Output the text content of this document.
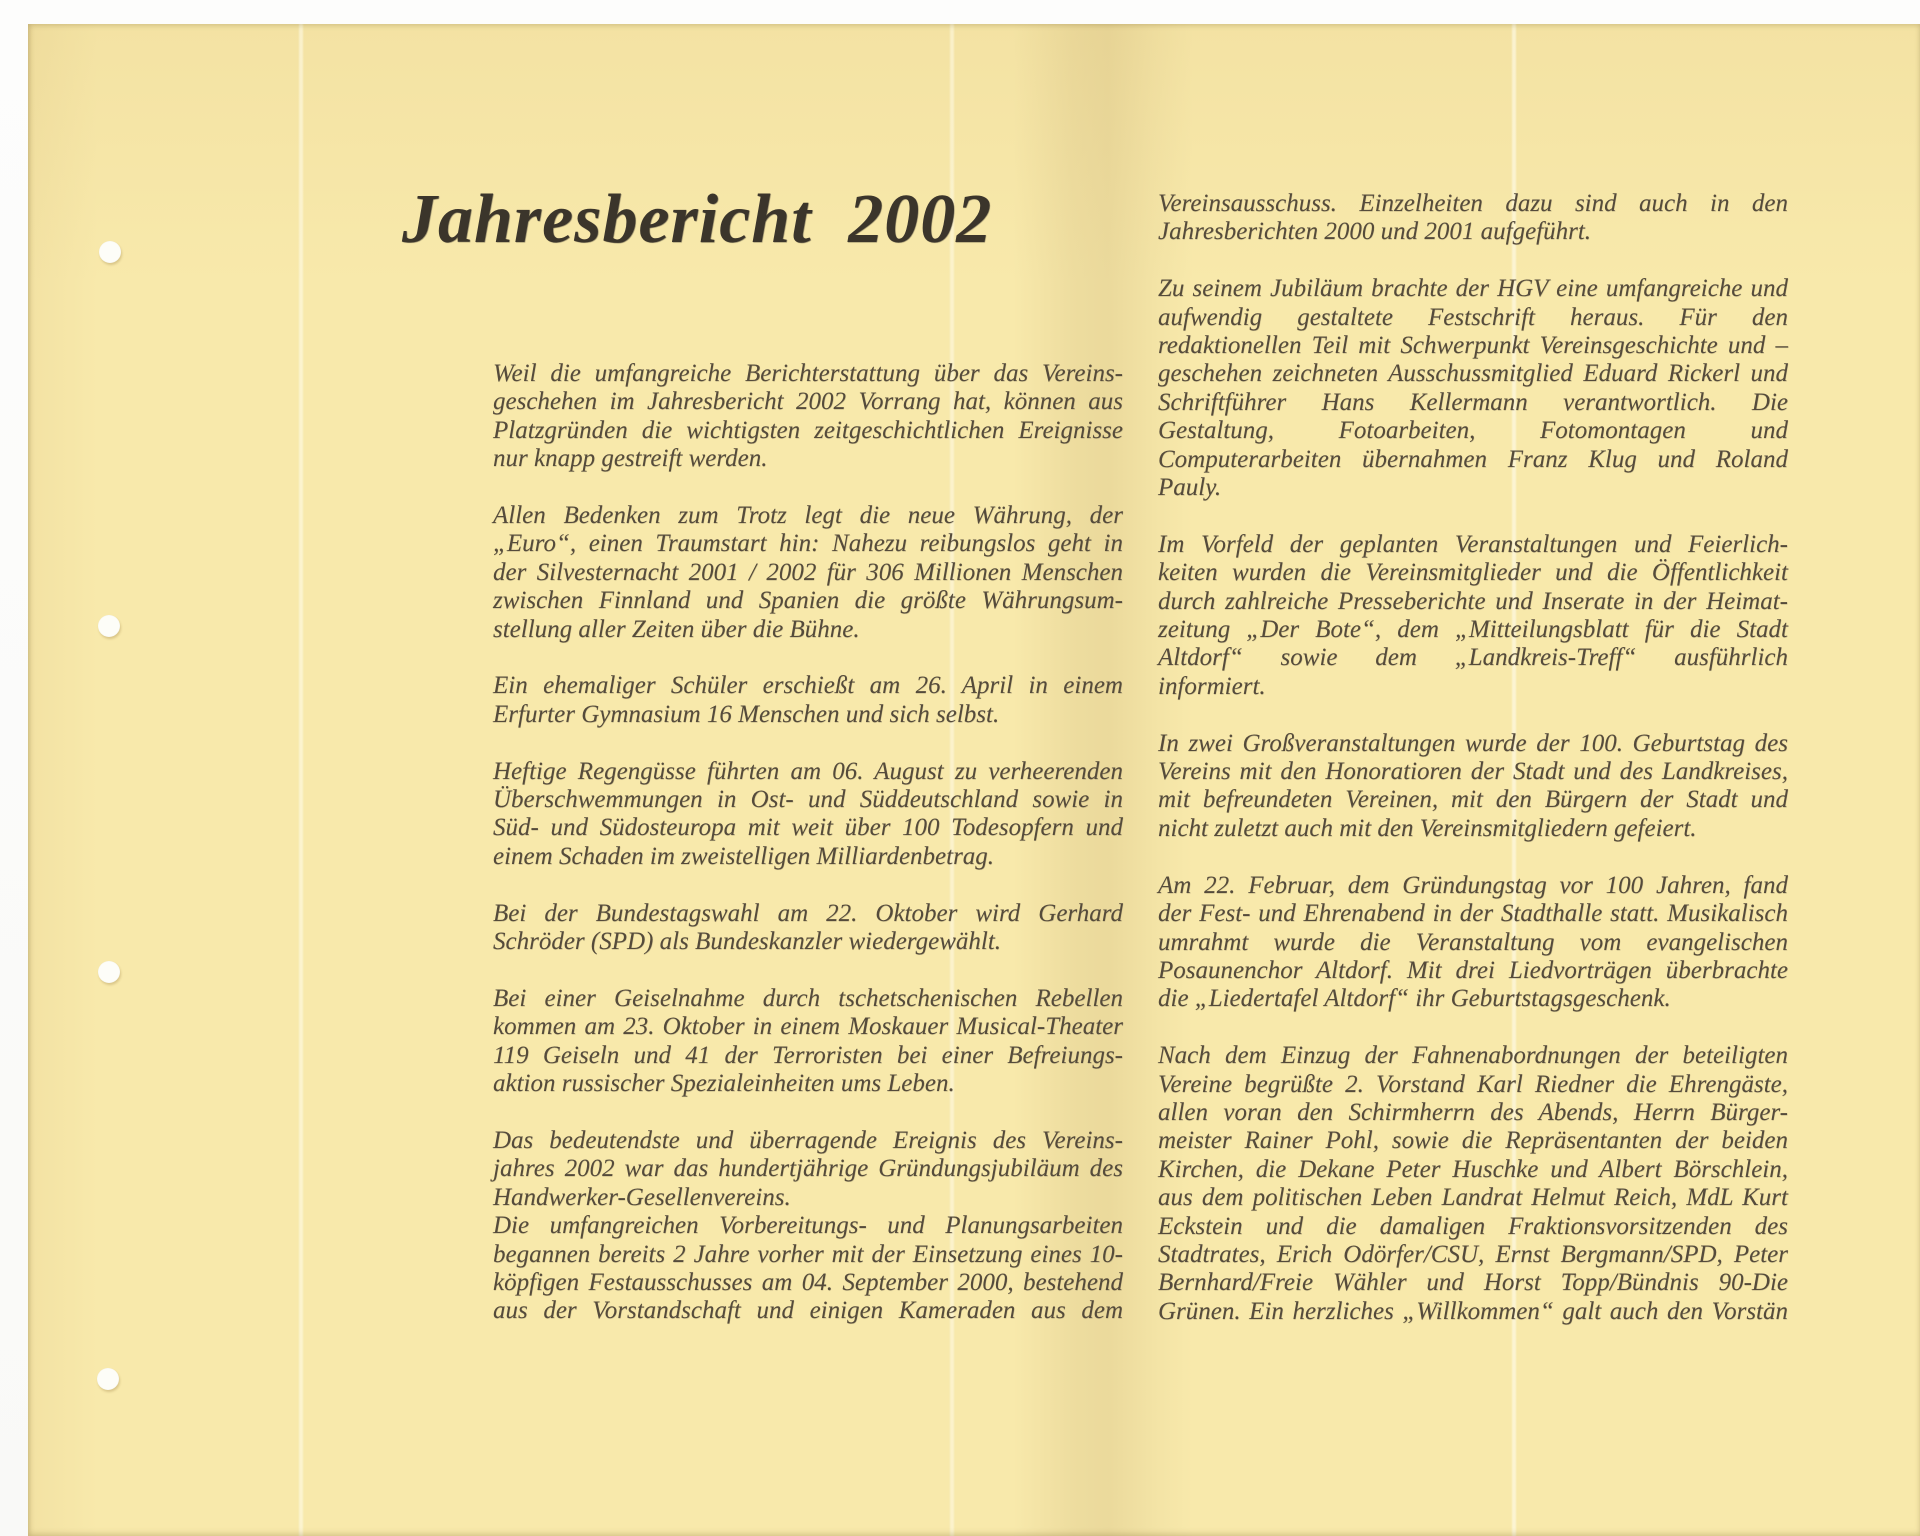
Jahresbericht 2002
Weil die umfangreiche Berichterstattung über das Vereins-
geschehen im Jahresbericht 2002 Vorrang hat, können aus
Platzgründen die wichtigsten zeitgeschichtlichen Ereignisse
nur knapp gestreift werden.
Allen Bedenken zum Trotz legt die neue Währung, der
„Euro“, einen Traumstart hin: Nahezu reibungslos geht in
der Silvesternacht 2001 / 2002 für 306 Millionen Menschen
zwischen Finnland und Spanien die größte Währungsum-
stellung aller Zeiten über die Bühne.
Ein ehemaliger Schüler erschießt am 26. April in einem
Erfurter Gymnasium 16 Menschen und sich selbst.
Heftige Regengüsse führten am 06. August zu verheerenden
Überschwemmungen in Ost- und Süddeutschland sowie in
Süd- und Südosteuropa mit weit über 100 Todesopfern und
einem Schaden im zweistelligen Milliardenbetrag.
Bei der Bundestagswahl am 22. Oktober wird Gerhard
Schröder (SPD) als Bundeskanzler wiedergewählt.
Bei einer Geiselnahme durch tschetschenischen Rebellen
kommen am 23. Oktober in einem Moskauer Musical-Theater
119 Geiseln und 41 der Terroristen bei einer Befreiungs-
aktion russischer Spezialeinheiten ums Leben.
Das bedeutendste und überragende Ereignis des Vereins-
jahres 2002 war das hundertjährige Gründungsjubiläum des
Handwerker-Gesellenvereins.
Die umfangreichen Vorbereitungs- und Planungsarbeiten
begannen bereits 2 Jahre vorher mit der Einsetzung eines 10-
köpfigen Festausschusses am 04. September 2000, bestehend
aus der Vorstandschaft und einigen Kameraden aus dem
Vereinsausschuss. Einzelheiten dazu sind auch in den
Jahresberichten 2000 und 2001 aufgeführt.
Zu seinem Jubiläum brachte der HGV eine umfangreiche und
aufwendig gestaltete Festschrift heraus. Für den
redaktionellen Teil mit Schwerpunkt Vereinsgeschichte und –
geschehen zeichneten Ausschussmitglied Eduard Rickerl und
Schriftführer Hans Kellermann verantwortlich. Die
Gestaltung, Fotoarbeiten, Fotomontagen und
Computerarbeiten übernahmen Franz Klug und Roland
Pauly.
Im Vorfeld der geplanten Veranstaltungen und Feierlich-
keiten wurden die Vereinsmitglieder und die Öffentlichkeit
durch zahlreiche Presseberichte und Inserate in der Heimat-
zeitung „Der Bote“, dem „Mitteilungsblatt für die Stadt
Altdorf“ sowie dem „Landkreis-Treff“ ausführlich
informiert.
In zwei Großveranstaltungen wurde der 100. Geburtstag des
Vereins mit den Honoratioren der Stadt und des Landkreises,
mit befreundeten Vereinen, mit den Bürgern der Stadt und
nicht zuletzt auch mit den Vereinsmitgliedern gefeiert.
Am 22. Februar, dem Gründungstag vor 100 Jahren, fand
der Fest- und Ehrenabend in der Stadthalle statt. Musikalisch
umrahmt wurde die Veranstaltung vom evangelischen
Posaunenchor Altdorf. Mit drei Liedvorträgen überbrachte
die „Liedertafel Altdorf“ ihr Geburtstagsgeschenk.
Nach dem Einzug der Fahnenabordnungen der beteiligten
Vereine begrüßte 2. Vorstand Karl Riedner die Ehrengäste,
allen voran den Schirmherrn des Abends, Herrn Bürger-
meister Rainer Pohl, sowie die Repräsentanten der beiden
Kirchen, die Dekane Peter Huschke und Albert Börschlein,
aus dem politischen Leben Landrat Helmut Reich, MdL Kurt
Eckstein und die damaligen Fraktionsvorsitzenden des
Stadtrates, Erich Odörfer/CSU, Ernst Bergmann/SPD, Peter
Bernhard/Freie Wähler und Horst Topp/Bündnis 90-Die
Grünen. Ein herzliches „Willkommen“ galt auch den Vorstän
